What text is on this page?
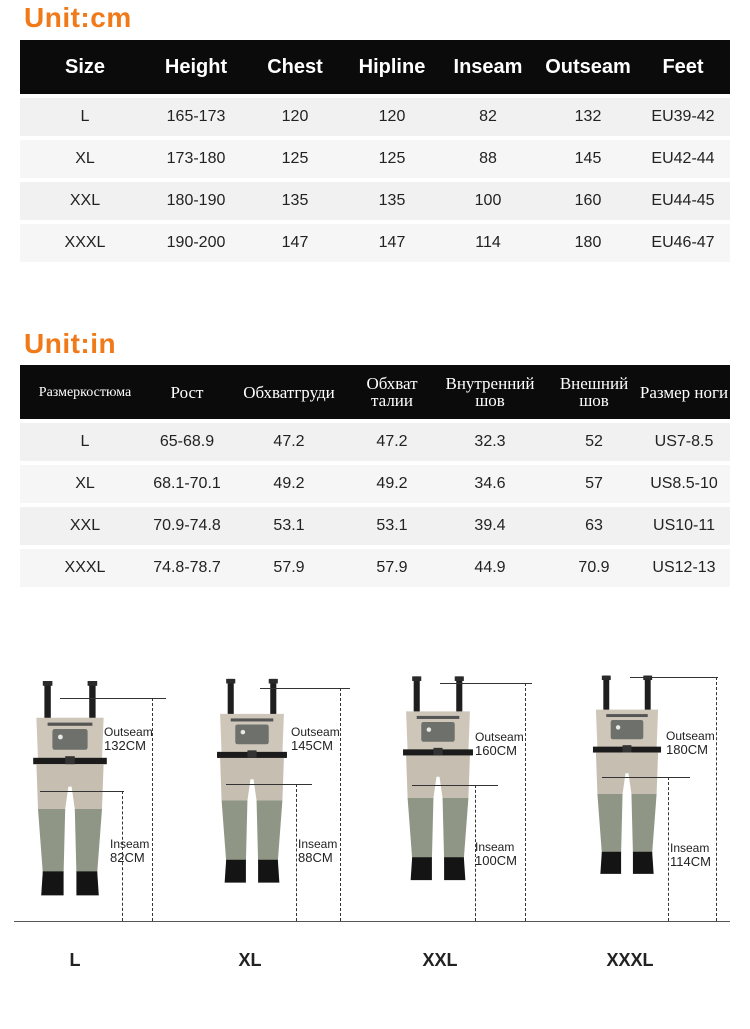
Unit:cm
Size	Height	Chest	Hipline	Inseam	Outseam	Feet
L	165-173	120	120	82	132	EU39-42
XL	173-180	125	125	88	145	EU42-44
XXL	180-190	135	135	100	160	EU44-45
XXXL	190-200	147	147	114	180	EU46-47
Unit:in
Размеркостюма	Рост	Обхватгруди	Обхват талии	Внутренний шов	Внешний шов	Размер ноги
L	65-68.9	47.2	47.2	32.3	52	US7-8.5
XL	68.1-70.1	49.2	49.2	34.6	57	US8.5-10
XXL	70.9-74.8	53.1	53.1	39.4	63	US10-11
XXXL	74.8-78.7	57.9	57.9	44.9	70.9	US12-13
Outseam
132CM
Inseam
82CM
L
Outseam
145CM
Inseam
88CM
XL
Outseam
160CM
Inseam
100CM
XXL
Outseam
180CM
Inseam
114CM
XXXL
